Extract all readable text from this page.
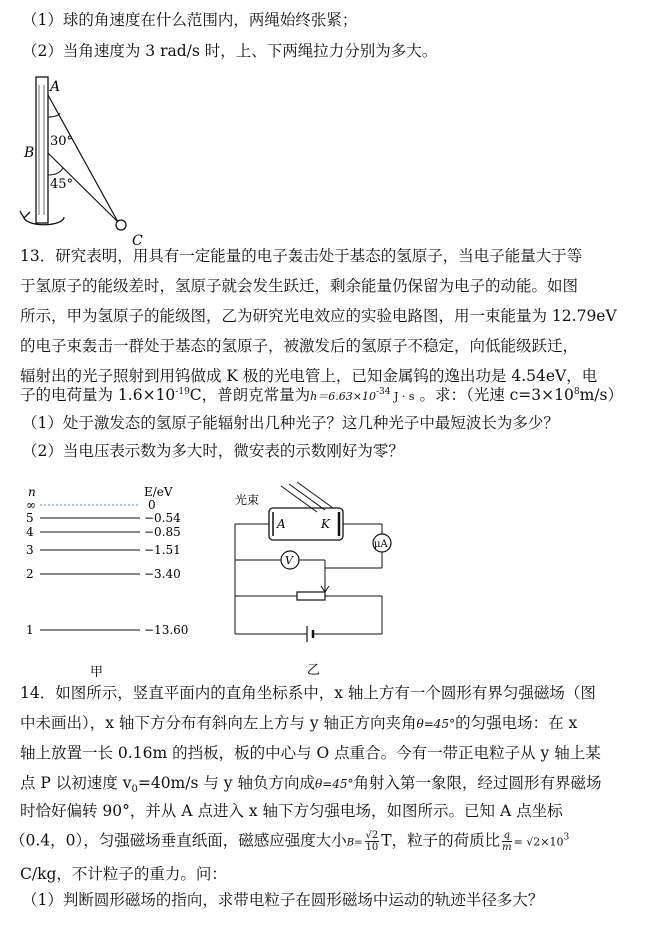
（1）球的角速度在什么范围内，两绳始终张紧；
（2）当角速度为 3 rad/s 时，上、下两绳拉力分别为多大。
A
B
C
30°
45°
13．研究表明，用具有一定能量的电子轰击处于基态的氢原子，当电子能量大于等
于氢原子的能级差时，氢原子就会发生跃迁，剩余能量仍保留为电子的动能。如图
所示，甲为氢原子的能级图，乙为研究光电效应的实验电路图，用一束能量为 12.79eV
的电子束轰击一群处于基态的氢原子，被激发后的氢原子不稳定，向低能级跃迁，
辐射出的光子照射到用钨做成 K 极的光电管上，已知金属钨的逸出功是 4.54eV，电
子的电荷量为 $1.6\times 10^{-19}C$，普朗克常量为$h=6.63\times 10^{-34}$ J · s 。求：（光速 $c=3\times 10^8m/s$）
（1）处于激发态的氢原子能辐射出几种光子？这几种光子中最短波长为多少？
（2）当电压表示数为多大时，微安表的示数刚好为零？
n	E/eV
∞	0
5	−0.54
4	−0.85
3	−1.51
2	−3.40
1	−13.60
甲
光束
A	K
μA
V
乙
14．如图所示，竖直平面内的直角坐标系中，x 轴上方有一个圆形有界匀强磁场（图
中未画出），x 轴下方分布有斜向左上方与 y 轴正方向夹角θ=45°的匀强电场：在 x
轴上放置一长 0.16m 的挡板，板的中心与 O 点重合。今有一带正电粒子从 y 轴上某
点 P 以初速度 $v_0=40m/s$ 与 y 轴负方向成θ=45°角射入第一象限，经过圆形有界磁场
时恰好偏转 90°，并从 A 点进入 x 轴下方匀强电场，如图所示。已知 A 点坐标
（0.4，0），匀强磁场垂直纸面，磁感应强度大小$B= \frac{√2}{10}$ T，粒子的荷质比 $\frac{q}{m} = √2\times 10^3$
C/kg，不计粒子的重力。问：
（1）判断圆形磁场的指向，求带电粒子在圆形磁场中运动的轨迹半径多大？
